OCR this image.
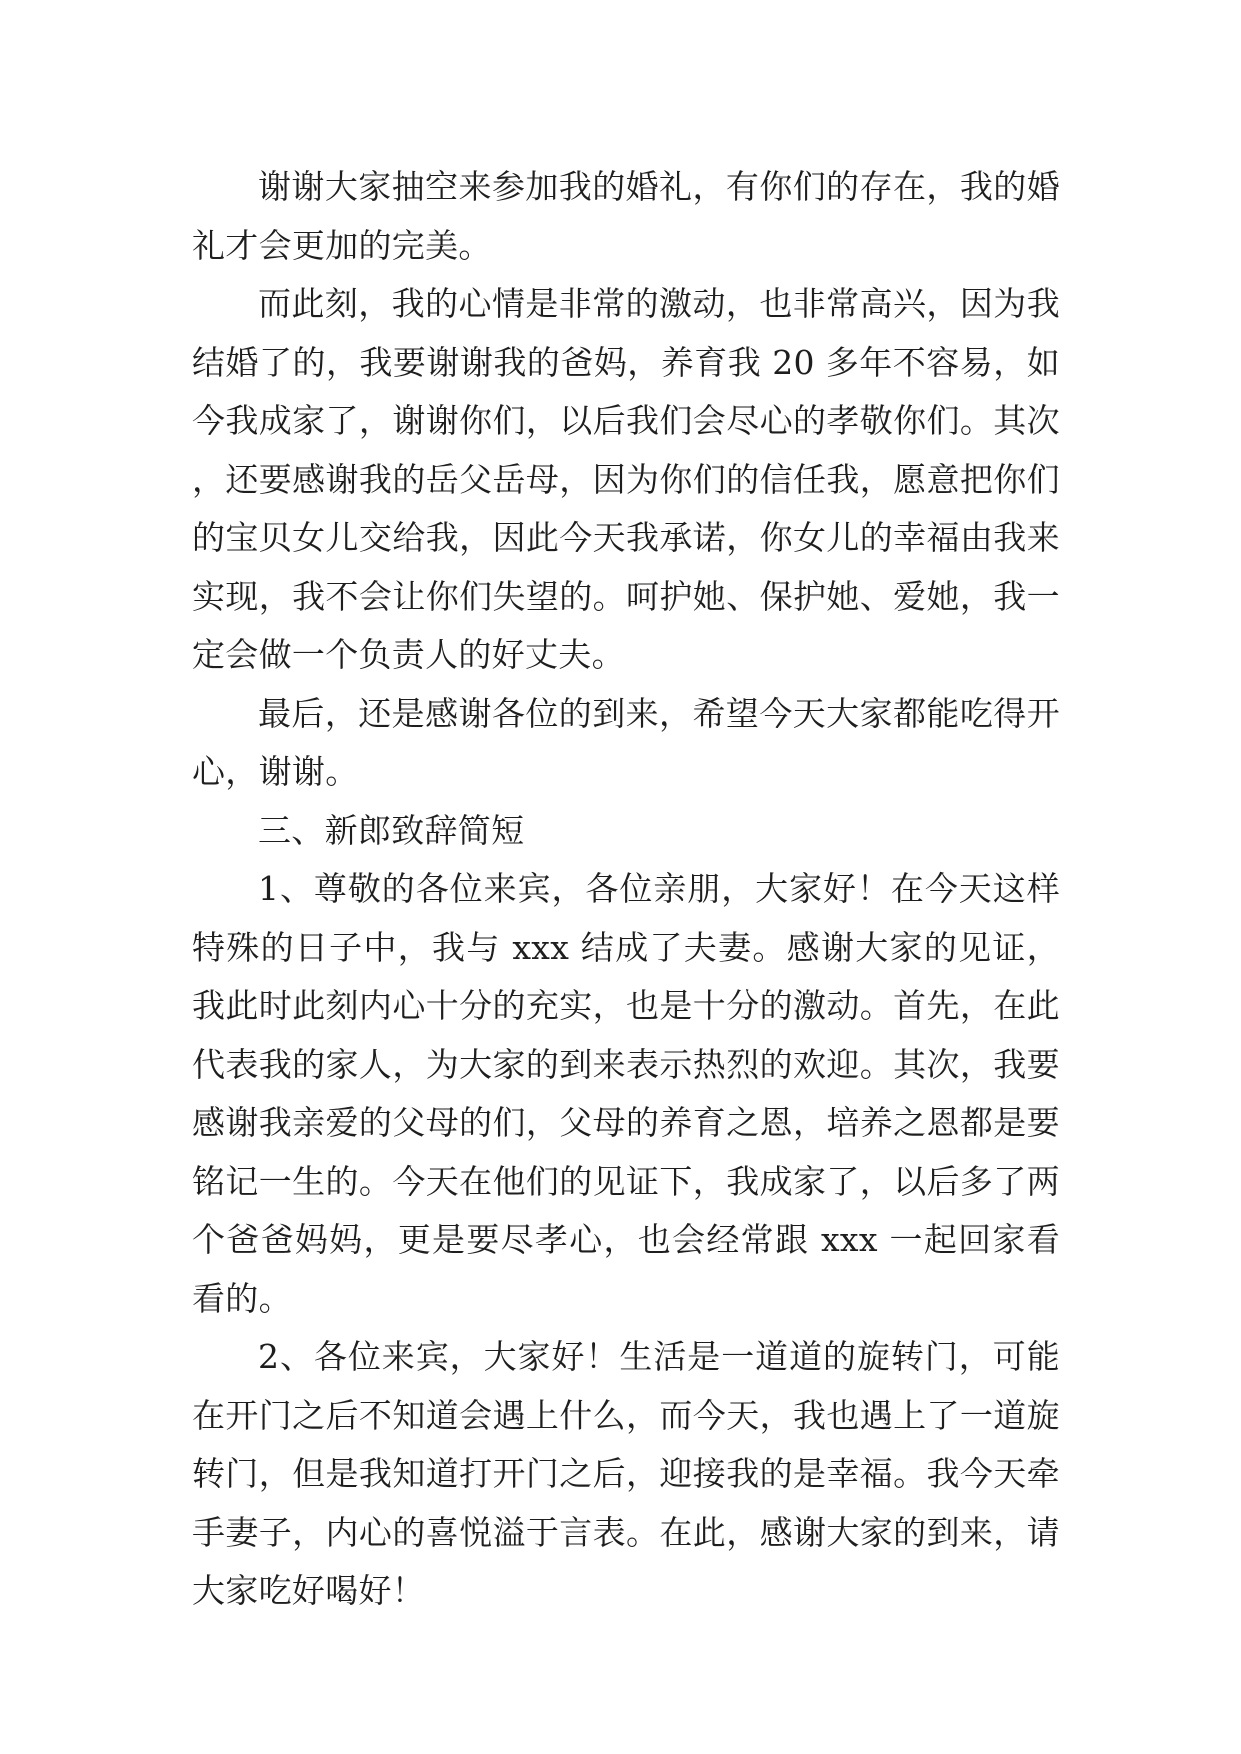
谢谢大家抽空来参加我的婚礼，有你们的存在，我的婚礼才会更加的完美。

而此刻，我的心情是非常的激动，也非常高兴，因为我结婚了的，我要谢谢我的爸妈，养育我 20 多年不容易，如今我成家了，谢谢你们，以后我们会尽心的孝敬你们。其次，还要感谢我的岳父岳母，因为你们的信任我，愿意把你们的宝贝女儿交给我，因此今天我承诺，你女儿的幸福由我来实现，我不会让你们失望的。呵护她、保护她、爱她，我一定会做一个负责人的好丈夫。

最后，还是感谢各位的到来，希望今天大家都能吃得开心，谢谢。

三、新郎致辞简短

1、尊敬的各位来宾，各位亲朋，大家好！在今天这样特殊的日子中，我与 xxx 结成了夫妻。感谢大家的见证，我此时此刻内心十分的充实，也是十分的激动。首先，在此代表我的家人，为大家的到来表示热烈的欢迎。其次，我要感谢我亲爱的父母的们，父母的养育之恩，培养之恩都是要铭记一生的。今天在他们的见证下，我成家了，以后多了两个爸爸妈妈，更是要尽孝心，也会经常跟 xxx 一起回家看看的。

2、各位来宾，大家好！生活是一道道的旋转门，可能在开门之后不知道会遇上什么，而今天，我也遇上了一道旋转门，但是我知道打开门之后，迎接我的是幸福。我今天牵手妻子，内心的喜悦溢于言表。在此，感谢大家的到来，请大家吃好喝好！
